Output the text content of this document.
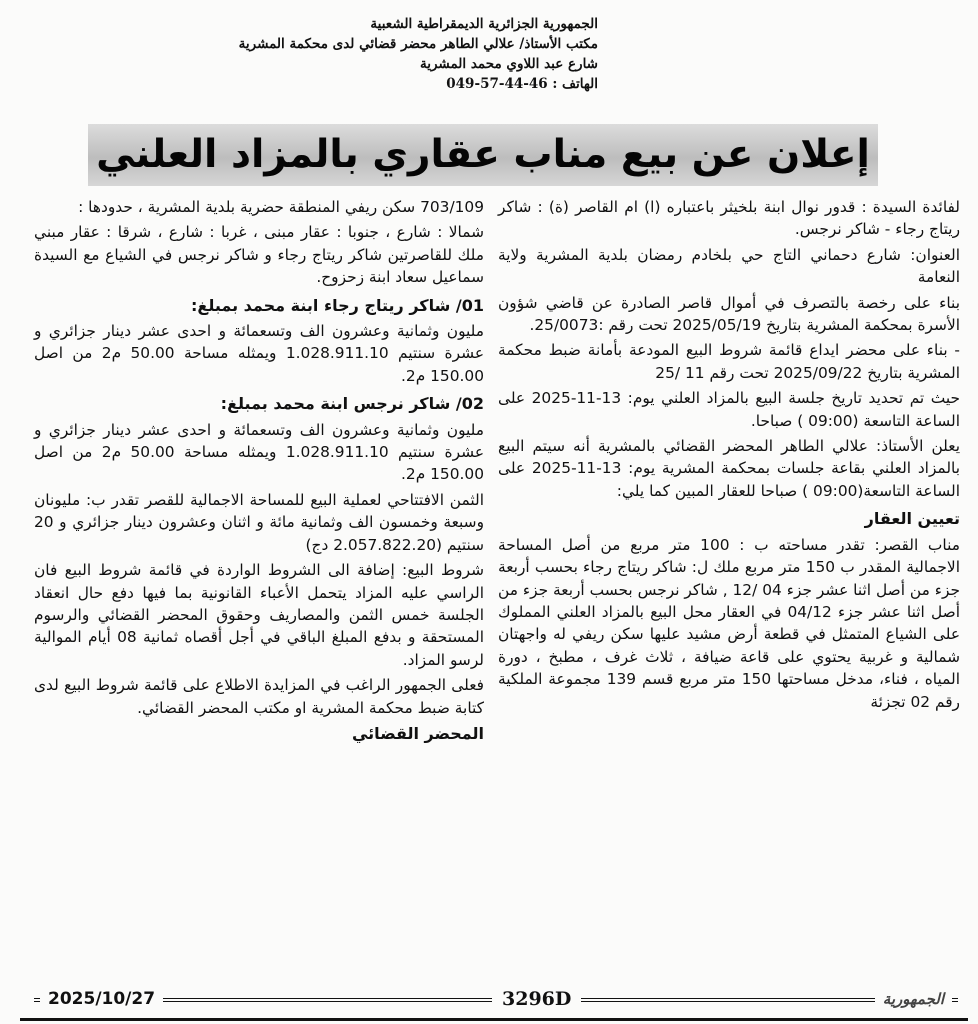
الجمهورية الجزائرية الديمقراطية الشعبية
مكتب الأستاذ/ علالي الطاهر محضر قضائي لدى محكمة المشرية
شارع عبد اللاوي محمد المشرية
الهاتف : 46-44-57-049
إعلان عن بيع مناب عقاري بالمزاد العلني

لفائدة السيدة : قدور نوال ابنة بلخيثر باعتباره (ا) ام القاصر (ة) : شاكر ريتاج رجاء - شاكر نرجس.

العنوان: شارع دحماني التاج حي بلخادم رمضان بلدية المشرية ولاية النعامة

بناء على رخصة بالتصرف في أموال قاصر الصادرة عن قاضي شؤون الأسرة بمحكمة المشرية بتاريخ 2025/05/19 تحت رقم :25/0073.

- بناء على محضر ايداع قائمة شروط البيع المودعة بأمانة ضبط محكمة المشرية بتاريخ 2025/09/22 تحت رقم 11 /25

حيث تم تحديد تاريخ جلسة البيع بالمزاد العلني يوم: 13-11-2025 على الساعة التاسعة (09:00 ) صباحا.

يعلن الأستاذ: علالي الطاهر المحضر القضائي بالمشرية أنه سيتم البيع بالمزاد العلني بقاعة جلسات بمحكمة المشرية يوم: 13-11-2025 على الساعة التاسعة(09:00 ) صباحا للعقار المبين كما يلي:

تعيين العقار

مناب القصر: تقدر مساحته ب : 100 متر مربع من أصل المساحة الاجمالية المقدر ب 150 متر مربع ملك ل: شاكر ريتاج رجاء بحسب أربعة جزء من أصل اثنا عشر جزء 04 /12 , شاكر نرجس بحسب أربعة جزء من أصل اثنا عشر جزء 04/12 في العقار محل البيع بالمزاد العلني المملوك على الشياع المتمثل في قطعة أرض مشيد عليها سكن ريفي له واجهتان شمالية و غربية يحتوي على قاعة ضيافة ، ثلاث غرف ، مطبخ ، دورة المياه ، فناء، مدخل مساحتها 150 متر مربع قسم 139 مجموعة الملكية رقم 02 تجزئة

703/109 سكن ريفي المنطقة حضرية بلدية المشرية ، حدودها :

شمالا : شارع ، جنوبا : عقار مبنى ، غربا : شارع ، شرقا : عقار مبني ملك للقاصرتين شاكر ريتاج رجاء و شاكر نرجس في الشياع مع السيدة سماعيل سعاد ابنة زحزوح.

01/ شاكر ريتاج رجاء ابنة محمد بمبلغ:

مليون وثمانية وعشرون الف وتسعمائة و احدى عشر دينار جزائري و عشرة سنتيم 1.028.911.10 ويمثله مساحة 50.00 م2 من اصل 150.00 م2.

02/ شاكر نرجس ابنة محمد بمبلغ:

مليون وثمانية وعشرون الف وتسعمائة و احدى عشر دينار جزائري و عشرة سنتيم 1.028.911.10 ويمثله مساحة 50.00 م2 من اصل 150.00 م2.

الثمن الافتتاحي لعملية البيع للمساحة الاجمالية للقصر تقدر ب: مليونان وسبعة وخمسون الف وثمانية مائة و اثنان وعشرون دينار جزائري و 20 سنتيم (2.057.822.20 دج)

شروط البيع: إضافة الى الشروط الواردة في قائمة شروط البيع فان الراسي عليه المزاد يتحمل الأعباء القانونية بما فيها دفع حال انعقاد الجلسة خمس الثمن والمصاريف وحقوق المحضر القضائي والرسوم المستحقة و بدفع المبلغ الباقي في أجل أقصاه ثمانية 08 أيام الموالية لرسو المزاد.

فعلى الجمهور الراغب في المزايدة الاطلاع على قائمة شروط البيع لدى كتابة ضبط محكمة المشرية او مكتب المحضر القضائي.

المحضر القضائي

2025/10/27	3296D	الجمهورية
